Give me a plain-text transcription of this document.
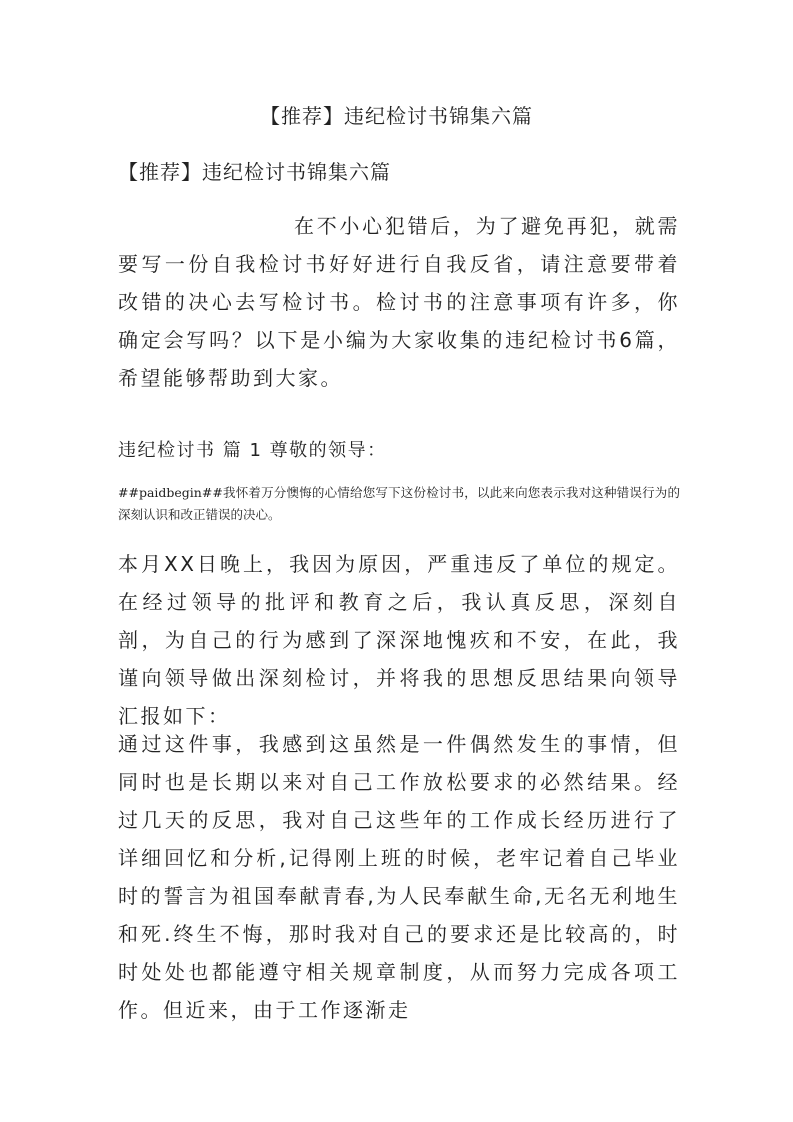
【推荐】违纪检讨书锦集六篇
【推荐】违纪检讨书锦集六篇

在不小心犯错后，为了避免再犯，就需要写一份自我检讨书好好进行自我反省，请注意要带着改错的决心去写检讨书。检讨书的注意事项有许多，你确定会写吗？以下是小编为大家收集的违纪检讨书6篇，希望能够帮助到大家。

违纪检讨书 篇 1 尊敬的领导：

##paidbegin##我怀着万分懊悔的心情给您写下这份检讨书，以此来向您表示我对这种错误行为的深刻认识和改正错误的决心。

本月XX日晚上，我因为原因，严重违反了单位的规定。在经过领导的批评和教育之后，我认真反思，深刻自剖，为自己的行为感到了深深地愧疚和不安，在此，我谨向领导做出深刻检讨，并将我的思想反思结果向领导汇报如下：

通过这件事，我感到这虽然是一件偶然发生的事情，但同时也是长期以来对自己工作放松要求的必然结果。经过几天的反思，我对自己这些年的工作成长经历进行了详细回忆和分析,记得刚上班的时候，老牢记着自己毕业时的誓言为祖国奉献青春,为人民奉献生命,无名无利地生和死.终生不悔，那时我对自己的要求还是比较高的，时时处处也都能遵守相关规章制度，从而努力完成各项工作。但近来，由于工作逐渐走
